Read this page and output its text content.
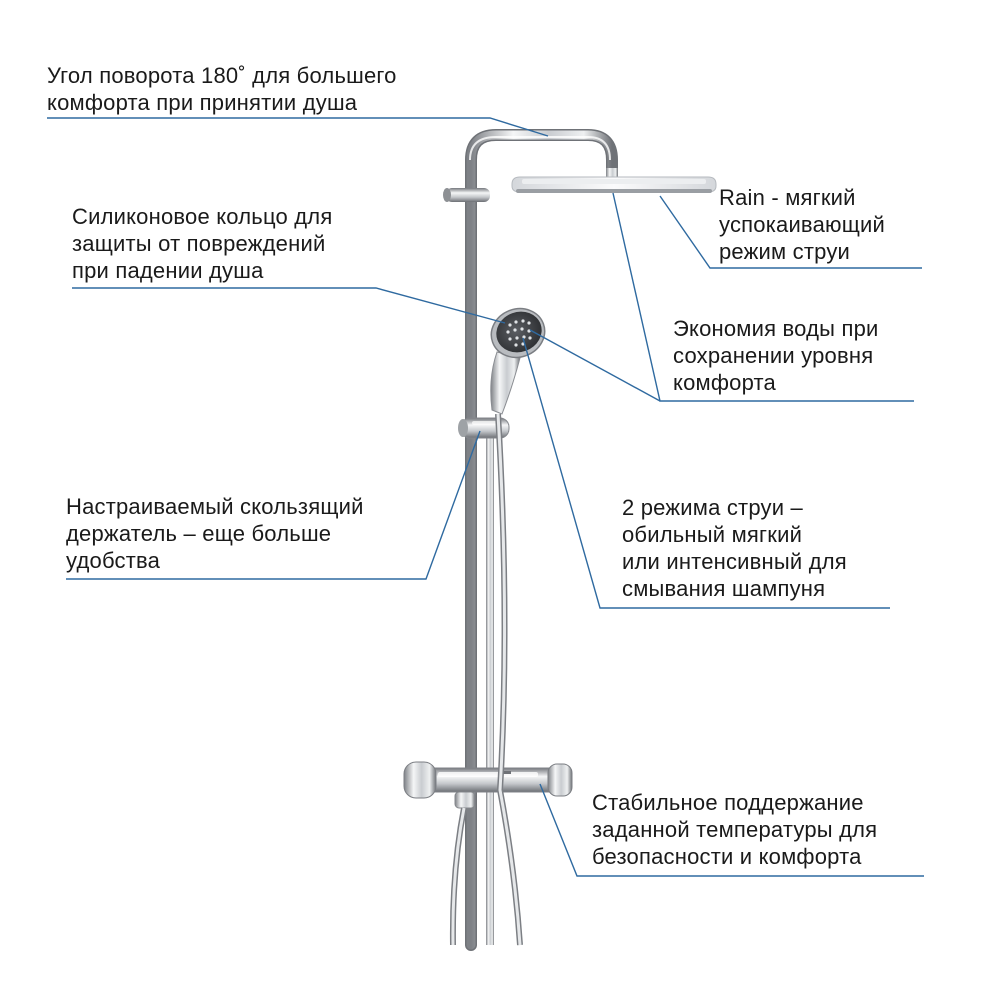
Угол поворота 180˚ для большего
комфорта при принятии душа
Rain - мягкий
успокаивающий
режим струи
Силиконовое кольцо для
защиты от повреждений
при падении душа
Экономия воды при
сохранении уровня
комфорта
Настраиваемый скользящий
держатель – еще больше
удобства
2 режима струи –
обильный мягкий
или интенсивный для
смывания шампуня
Стабильное поддержание
заданной температуры для
безопасности и комфорта
